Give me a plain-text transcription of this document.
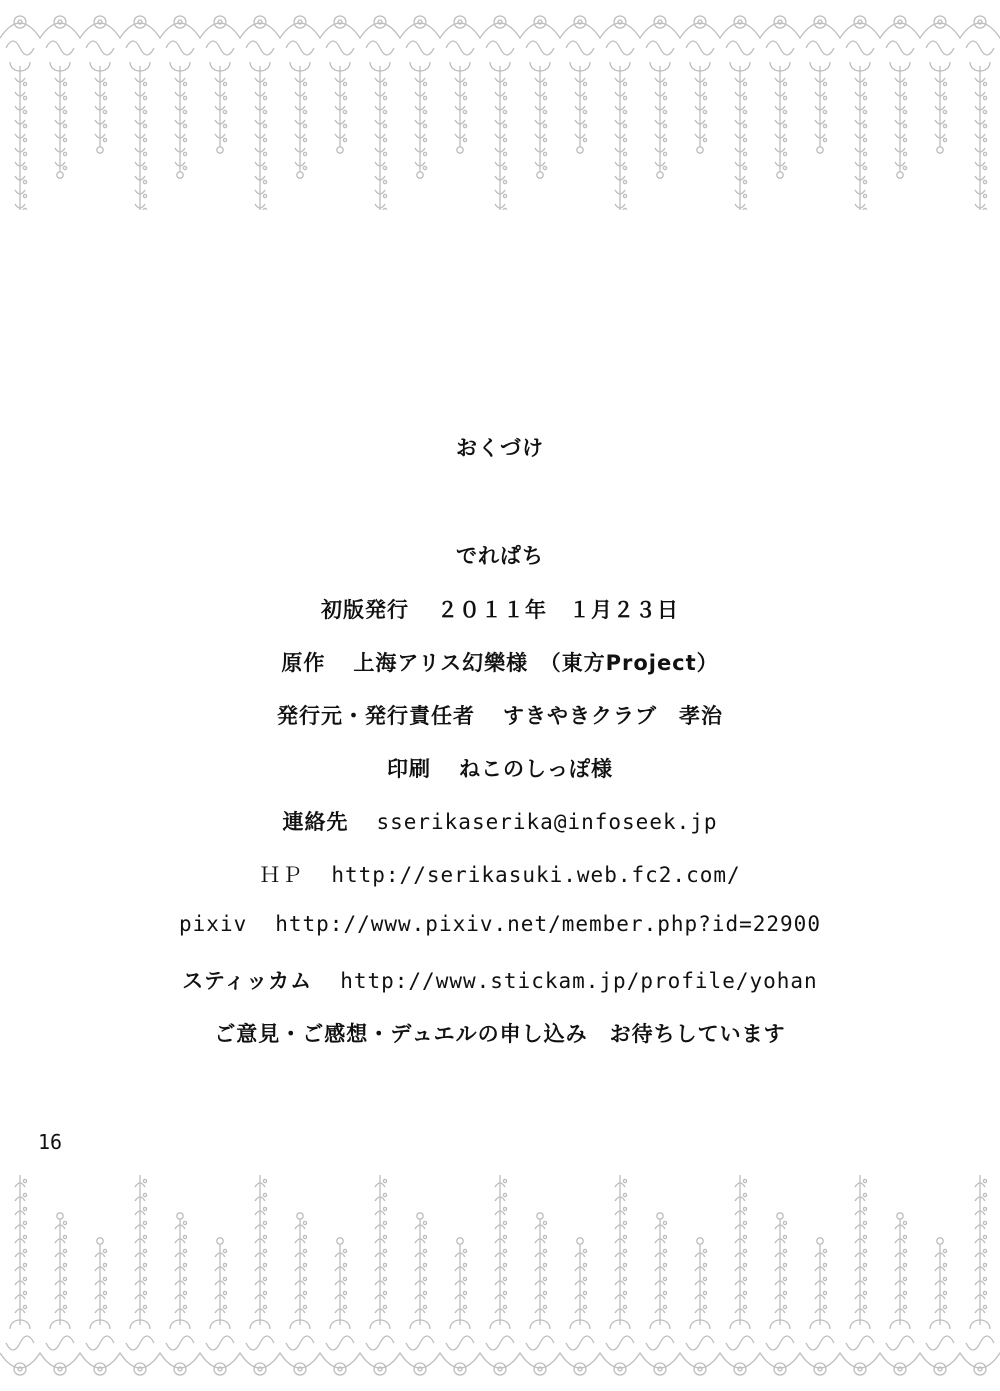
おくづけ
でれぱち
初版発行 ２０１１年　１月２３日
原作 上海アリス幻樂様　（東方Project）
発行元・発行責任者 すきやきクラブ　孝治
印刷 ねこのしっぽ様
連絡先 sserikaserika@infoseek.jp
ＨＰ http://serikasuki.web.fc2.com/
pixiv http://www.pixiv.net/member.php?id=22900
スティッカム http://www.stickam.jp/profile/yohan
ご意見・ご感想・デュエルの申し込み　お待ちしています
16
